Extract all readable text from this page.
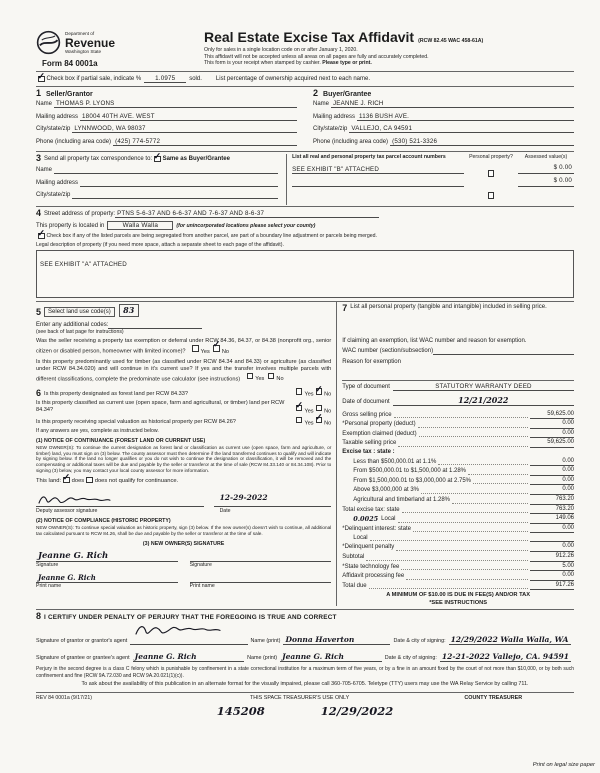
Department of
Revenue
Washington State
Form 84 0001a
Real Estate Excise Tax Affidavit (RCW 82.45 WAC 458-61A)
Only for sales in a single location code on or after January 1, 2020.
This affidavit will not be accepted unless all areas on all pages are fully and accurately completed.
This form is your receipt when stamped by cashier. Please type or print.
✓
Check box if partial sale, indicate %	1.0975	sold. List percentage of ownership acquired next to each name.
1 Seller/Grantor
Name THOMAS P. LYONS
Mailing address 18004 40TH AVE. WEST
City/state/zip LYNNWOOD, WA 98037
Phone (including area code) (425) 774-5772
2 Buyer/Grantee
Name JEANNE J. RICH
Mailing address 1136 BUSH AVE.
City/state/zip VALLEJO, CA 94591
Phone (including area code) (530) 521-3326
3 Send all property tax correspondence to: ✓ Same as Buyer/Grantee
Name
Mailing address
City/state/zip
List all real and personal property tax parcel account numbers
SEE EXHIBIT "B" ATTACHED
Personal property?	Assessed value(s)
$ 0.00
$ 0.00
4 Street address of property: PTNS 5-6-37 AND 6-6-37 AND 7-6-37 AND 8-6-37
This property is located in	Walla Walla	(for unincorporated locations please select your county)
✓
Check box if any of the listed parcels are being segregated from another parcel, are part of a boundary line adjustment or parcels being merged.
Legal description of property (if you need more space, attach a separate sheet to each page of the affidavit).
SEE EXHIBIT "A" ATTACHED
5	Select land use code(s)	83
Enter any additional codes:
(see back of last page for instructions)
Was the seller receiving a property tax exemption or deferral under RCW 84.36, 84.37, or 84.38 (nonprofit org., senior citizen or disabled person, homeowner with limited income)?	Yes ✓ No
Is this property predominantly used for timber (as classified under RCW 84.34 and 84.33) or agriculture (as classified under RCW 84.34.020) and will continue in it's current use? If yes and the transfer involves multiple parcels with different classifications, complete the predominate use calculator (see instructions)	Yes No
6 Is this property designated as forest land per RCW 84.33?	Yes ✓ No
Is this property classified as current use (open space, farm and agricultural, or timber) land per RCW 84.34? ✓	Yes No
Is this property receiving special valuation as historical property per RCW 84.26?	Yes ✓ No
If any answers are yes, complete as instructed below.
(1) NOTICE OF CONTINUANCE (FOREST LAND OR CURRENT USE)
NEW OWNER(S): To continue the current designation as forest land or classification as current use (open space, farm and agriculture, or timber) land, you must sign on (3) below. The county assessor must then determine if the land transferred continues to qualify and will indicate by signing below. If the land no longer qualifies or you do not wish to continue the designation or classification, it will be removed and the compensating or additional taxes will be due and payable by the seller or transferor at the time of sale (RCW 84.33.140 or 84.34.108). Prior to signing (3) below, you may contact your local county assessor for more information.
This land: ✓ does does not qualify for continuance.
12-29-2022
Deputy assessor signature	Date
(2) NOTICE OF COMPLIANCE (HISTORIC PROPERTY)
NEW OWNER(S): To continue special valuation as historic property, sign (3) below. If the new owner(s) doesn't wish to continue, all additional tax calculated pursuant to RCW 84.26, shall be due and payable by the seller or transferor at the time of sale.
(3) NEW OWNER(S) SIGNATURE
Jeanne G. Rich
Signature	Signature
Jeanne G. Rich
Print name	Print name
7 List all personal property (tangible and intangible) included in selling price.
If claiming an exemption, list WAC number and reason for exemption.
WAC number (section/subsection)
Reason for exemption
Type of document	STATUTORY WARRANTY DEED
Date of document	12/21/2022
Gross selling price	59,625.00
*Personal property (deduct)	0.00
Exemption claimed (deduct)	0.00
Taxable selling price	59,625.00
Excise tax : state :
Less than $500,000.01 at 1.1%	0.00
From $500,000.01 to $1,500,000 at 1.28%	0.00
From $1,500,000.01 to $3,000,000 at 2.75%	0.00
Above $3,000,000 at 3%	0.00
Agricultural and timberland at 1.28%	763.20
Total excise tax: state	763.20
0.0025 Local	149.06
*Delinquent interest: state	0.00
Local
*Delinquent penalty	0.00
Subtotal	912.26
*State technology fee	5.00
Affidavit processing fee	0.00
Total due	917.26
A MINIMUM OF $10.00 IS DUE IN FEE(S) AND/OR TAX
*SEE INSTRUCTIONS
8 I CERTIFY UNDER PENALTY OF PERJURY THAT THE FOREGOING IS TRUE AND CORRECT
Signature of grantor or grantor's agent	Name (print) Donna Haverton	Date & city of signing: 12/29/2022 Walla Walla, WA
Signature of grantee or grantee's agent Jeanne G. Rich	Name (print) Jeanne G. Rich	Date & city of signing: 12-21-2022 Vallejo, CA. 94591
Perjury in the second degree is a class C felony which is punishable by confinement in a state correctional institution for a maximum term of five years, or by a fine in an amount fixed by the court of not more than $10,000, or by both such confinement and fine (RCW 9A.72.030 and RCW 9A.20.021(1)(c)).
To ask about the availability of this publication in an alternate format for the visually impaired, please call 360-705-6705. Teletype (TTY) users may use the WA Relay Service by calling 711.
REV 84 0001a (9/17/21)	THIS SPACE TREASURER'S USE ONLY	COUNTY TREASURER
145208	12/29/2022
Print on legal size paper
